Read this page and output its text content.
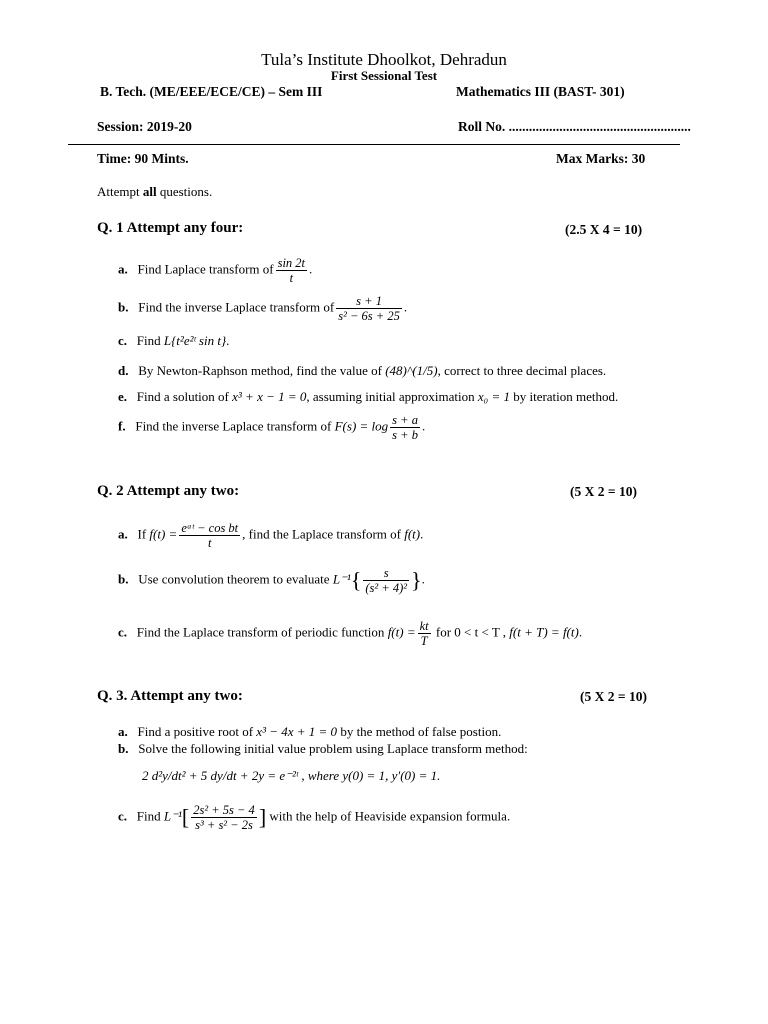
Tula’s Institute Dhoolkot, Dehradun
First Sessional Test
B. Tech. (ME/EEE/ECE/CE) – Sem III	Mathematics III (BAST- 301)
Session: 2019-20	Roll No. ......................................................
Time: 90 Mints.	Max Marks: 30
Attempt all questions.
Q. 1 Attempt any four:	(2.5 X 4 = 10)
a. Find Laplace transform of $\frac{\sin 2t}{t}$ .
b. Find the inverse Laplace transform of $\frac{s + 1}{\text{s² − 6s + 25}}$ .
c. Find L{t²e²ᵗ sin t}.
d. By Newton-Raphson method, find the value of (48)^(1/5), correct to three decimal places.
e. Find a solution of x³ + x − 1 = 0, assuming initial approximation x₀ = 1 by iteration method.
f. Find the inverse Laplace transform of $F(s) = \log \frac{s + a}{s + b}$ .
Q. 2 Attempt any two:	(5 X 2 = 10)
a. If $f(t) = \frac{\text{eᵃᵗ − cos bt}}{t}$ , find the Laplace transform of f(t).
b. Use convolution theorem to evaluate $L^{-1}\{ \frac{s}{\text{(s² + 4)²}}$ }.
c. Find the Laplace transform of periodic function $f(t) = \frac{kt}{T}$ for 0 < t < T , f(t + T) = f(t).
Q. 3. Attempt any two:	(5 X 2 = 10)
a. Find a positive root of x³ − 4x + 1 = 0 by the method of false postion.
b. Solve the following initial value problem using Laplace transform method:
2 d²y/dt² + 5 dy/dt + 2y = e⁻²ᵗ , where y(0) = 1, y′(0) = 1.
c. Find $L^{-1}[ \frac{\text{2s² + 5s − 4}}{\text{s³ + s² − 2s}}$ ] with the help of Heaviside expansion formula.
